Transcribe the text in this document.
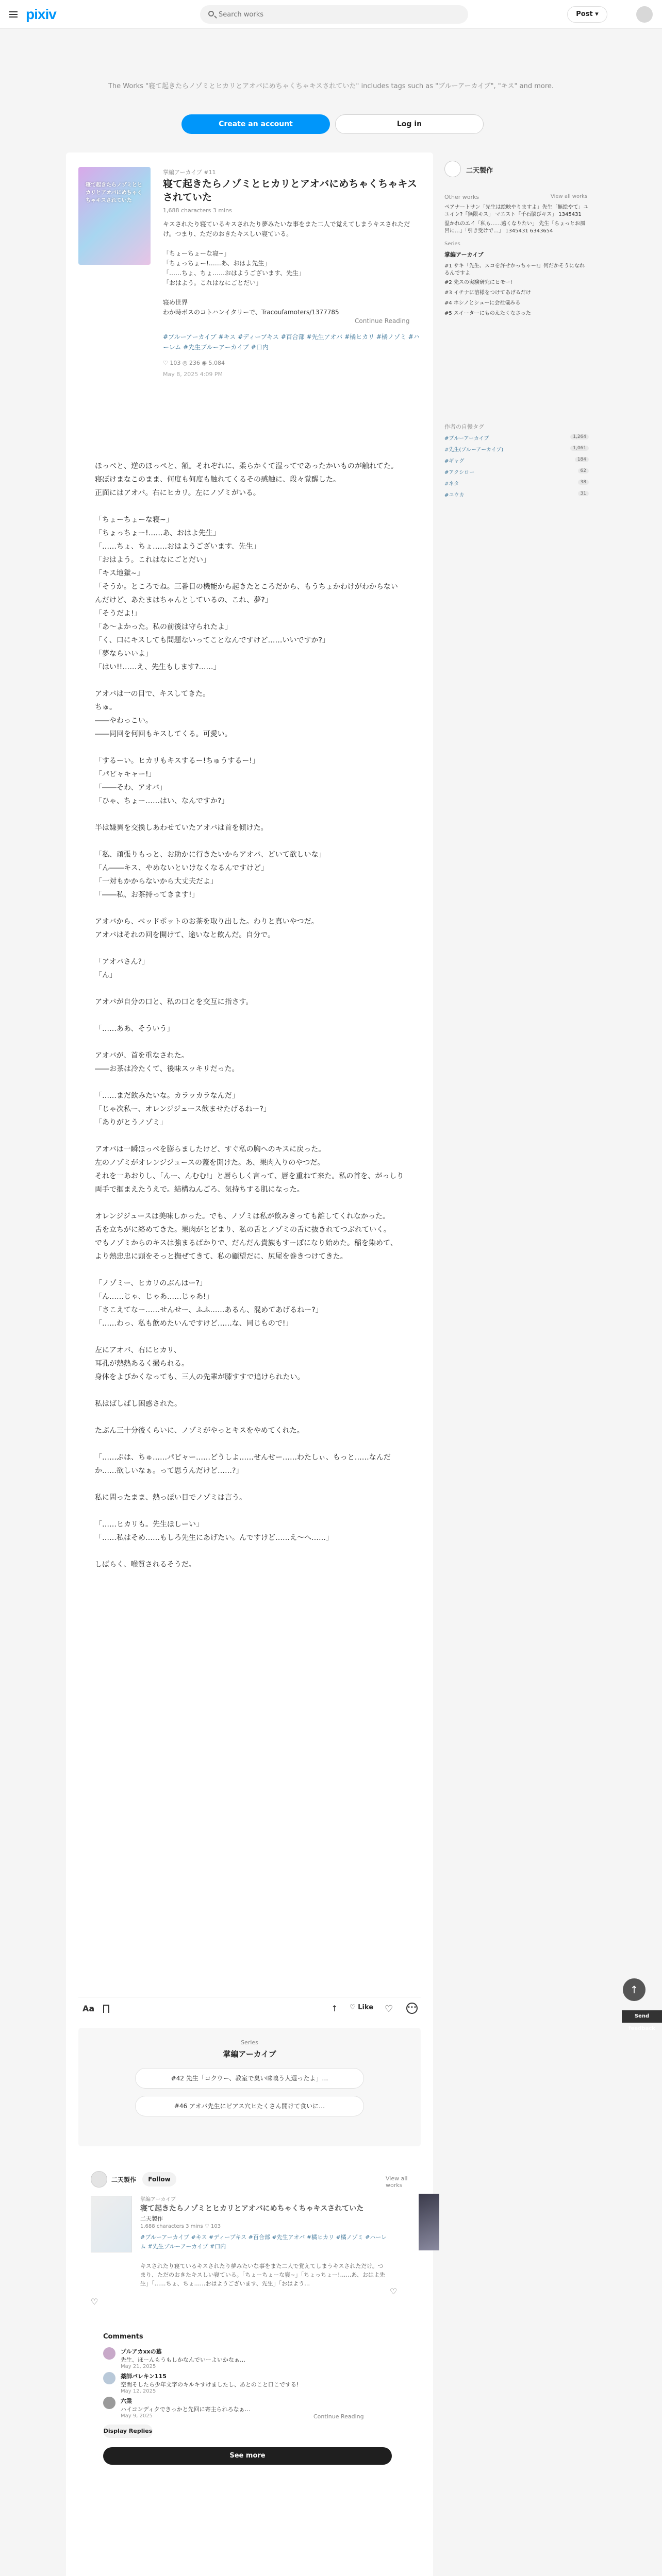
pixiv
Search works	Post ▾
The Works "寝て起きたらノゾミとヒカリとアオバにめちゃくちゃキスされていた" includes tags such as "ブルーアーカイブ", "キス" and more.
Create an account	Log in
寝て起きたらノゾミとヒカリとアオバにめちゃくちゃキスされていた
掌編アーカイブ #11
寝て起きたらノゾミとヒカリとアオバにめちゃくちゃキスされていた
1,688 characters 3 mins
キスされたり寝ているキスされたり夢みたいな事をまた二人で覚えてしまうキスされただけ。つまり、ただのおきたキスしい寝ている。

「ちょーちょーな寝~」
「ちょっちょー!……あ、おはよ先生」
「……ちょ、ちょ……おはようございます、先生」
「おはよう。これはなにごとだい」

寝め世界
わか時ボスのコトハンイタリーで、Tracoufamoters/1377785
Continue Reading
#ブルーアーカイブ #キス #ディープキス #百合部 #先生アオバ #橘ヒカリ #橘ノゾミ #ハーレム #先生ブルーアーカイブ #口内
♡ 103 ◎ 236 ◉ 5,084
May 8, 2025 4:09 PM
ほっぺと、逆のほっぺと、額。それぞれに、柔らかくて湿ってであったかいものが触れてた。寝ぼけまなこのまま、何度も何度も触れてくるその感触に、段々覚醒した。
正面にはアオバ。右にヒカリ。左にノゾミがいる。
「ちょーちょーな寝~」
「ちょっちょー!……あ、おはよ先生」
「……ちょ、ちょ……おはようございます、先生」
「おはよう。これはなにごとだい」
「キス地獄~」
「そうか。ところでね。三番目の機能から起きたところだから、もうちょかわけがわからないんだけど、あたまはちゃんとしているの、これ、夢?」
「そうだよ!」
「あ〜よかった。私の前後は守られたよ」
「く、口にキスしても問題ないってことなんですけど……いいですか?」
「夢ならいいよ」
「はい!!……え、先生もします?……」
アオバは一の目で、キスしてきた。
ちゅ。
――やわっこい。
――同回を何回もキスしてくる。可愛い。
「するーい。ヒカリもキスするー!ちゅうするー!」
「パピャキャー!」
「――そわ、アオバ」
「ひゃ、ちょー……はい、なんですか?」
半は嫌異を交換しあわせていたアオバは首を傾けた。
「私、頑張りもっと、お助かに行きたいからアオバ、どいて欲しいな」
「ん――キス、やめないといけなくなるんですけど」
「一対もかからないから大丈夫だよ」
「――私、お茶持ってきます!」
アオバから、ベッドポットのお茶を取り出した。わりと真いやつだ。
アオバはそれの回を開けて、途いなと飲んだ。自分で。
「アオバさん?」
「ん」
アオバが自分の口と、私の口とを交互に指さす。
「……ああ、そういう」
アオバが、首を重なされた。
――お茶は冷たくて、後味スッキリだった。
「……まだ飲みたいな。カラッカラなんだ」
「じゃ次私ー、オレンジジュース飲ませたげるねー?」
「ありがとうノゾミ」
アオバは一瞬ほっぺを膨らましたけど、すぐ私の胸へのキスに戻った。
左のノゾミがオレンジジュースの蓋を開けた。あ、果肉入りのやつだ。
それを一あおりし、「んー、んむむ!」と唇らしく言って、唇を重ねて来た。私の首を、がっしり両手で掴まえたうえで。結構ねんごろ、気持ちする肌になった。
オレンジジュースは美味しかった。でも、ノゾミは私が飲みきっても離してくれなかった。
舌を立ちがに絡めてきた。果肉がとどまり、私の舌とノゾミの舌に抜きれてつぶれていく。
でもノゾミからのキスは強まるばかりで、だんだん貴族もすーぽになり始めた。稲を染めて、より熱忠忠に頭をそっと撫ぜてきて、私の顧望だに、尻尾を巻きつけてきた。
「ノゾミー、ヒカリのぶんはー?」
「ん……じゃ、じゃあ……じゃあ!」
「さこえてなー……せんせー、ふふ……あるん、混めてあげるねー?」
「……わっ、私も飲めたいんですけど……な、同じもので!」
左にアオバ、右にヒカリ、
耳孔が熱熱あるく撮られる。
身体をよびかくなっても、三人の先輩が膝すすで追けられたい。
私はばしばし困惑された。
たぶん三十分後くらいに、ノゾミがやっとキスをやめてくれた。
「……ぷは、ちゅ……パピャー……どうしよ……せんせー……わたしぃ、もっと……なんだか……欲しいなぁ。って思うんだけど……?」
私に問ったまま、熱っぽい目でノゾミは言う。
「……ヒカリも。先生ほしーい」
「……私はそめ……もしろ先生にあげたい。んですけど……え〜へ……」
しばらく、喉質されるそうだ。
Aa	↑ ♡ Like ♡	•••
Series
掌編アーカイブ
#42 先生「コクウー、教室で臭い味嗅う人選ったよ」…
#46 アオバ先生にピアス穴ヒたくさん開けて食いに…
二天製作	Follow	View all works
掌編アーカイブ
寝て起きたらノゾミとヒカリとアオバにめちゃくちゃキスされていた
二天製作
1,688 characters 3 mins ♡ 103
#ブルーアーカイブ #キス #ディープキス #百合部 #先生アオバ #橘ヒカリ #橘ノゾミ #ハーレム #先生ブルーアーカイブ #口内
キスされたり寝ているキスされたり夢みたいな事をまた二人で覚えてしまうキスされただけ。つまり、ただのおきたキスしい寝ている。「ちょーちょーな寝~」「ちょっちょー!……あ、おはよ先生」「……ちょ、ちょ……おはようございます、先生」「おはよう…
♡
♡
Comments
プルアカxxの墓
先生、ほーんもうもしかなんでいーよいかなぁ…
May 21, 2025
薬師パレキン115
空間そしたら少年文字のキルキすけましたし、あとのこと口こでする!
May 12, 2025
六業
ハイコンディクできっかと先回に寄主られろなぁ…
May 9, 2025	Continue Reading
Display Replies
See more
二天製作
Other works	View all works
ペアナートサン「先生は絵映やりますよ」先生「無絵やて」ユユイン?「無限キス」 マエスト「千石脳びキス」 1345431
温かれのエイ「私も……遠くなりたい」 先生「ちょっとお風呂に…」「引き受けで…」 1345431 6343654
Series
掌編アーカイブ
#1 サキ「先生、スコを許せかっちゃー!」何だかそうになれるんですよ
#2 先スの実験研究にヒモー!
#3 イチナに溶様をつけてあげるだけ
#4 ホシノとシューに会社儀みる
#5 スイーターにものえたくなさった
作者の自慢タグ
#ブルーアーカイブ	1,264
#先生(ブルーアーカイブ)	1,061
#ギャグ	184
#アクシロー	62
#ネタ	38
#ユウカ	31
↑
Send feedback
